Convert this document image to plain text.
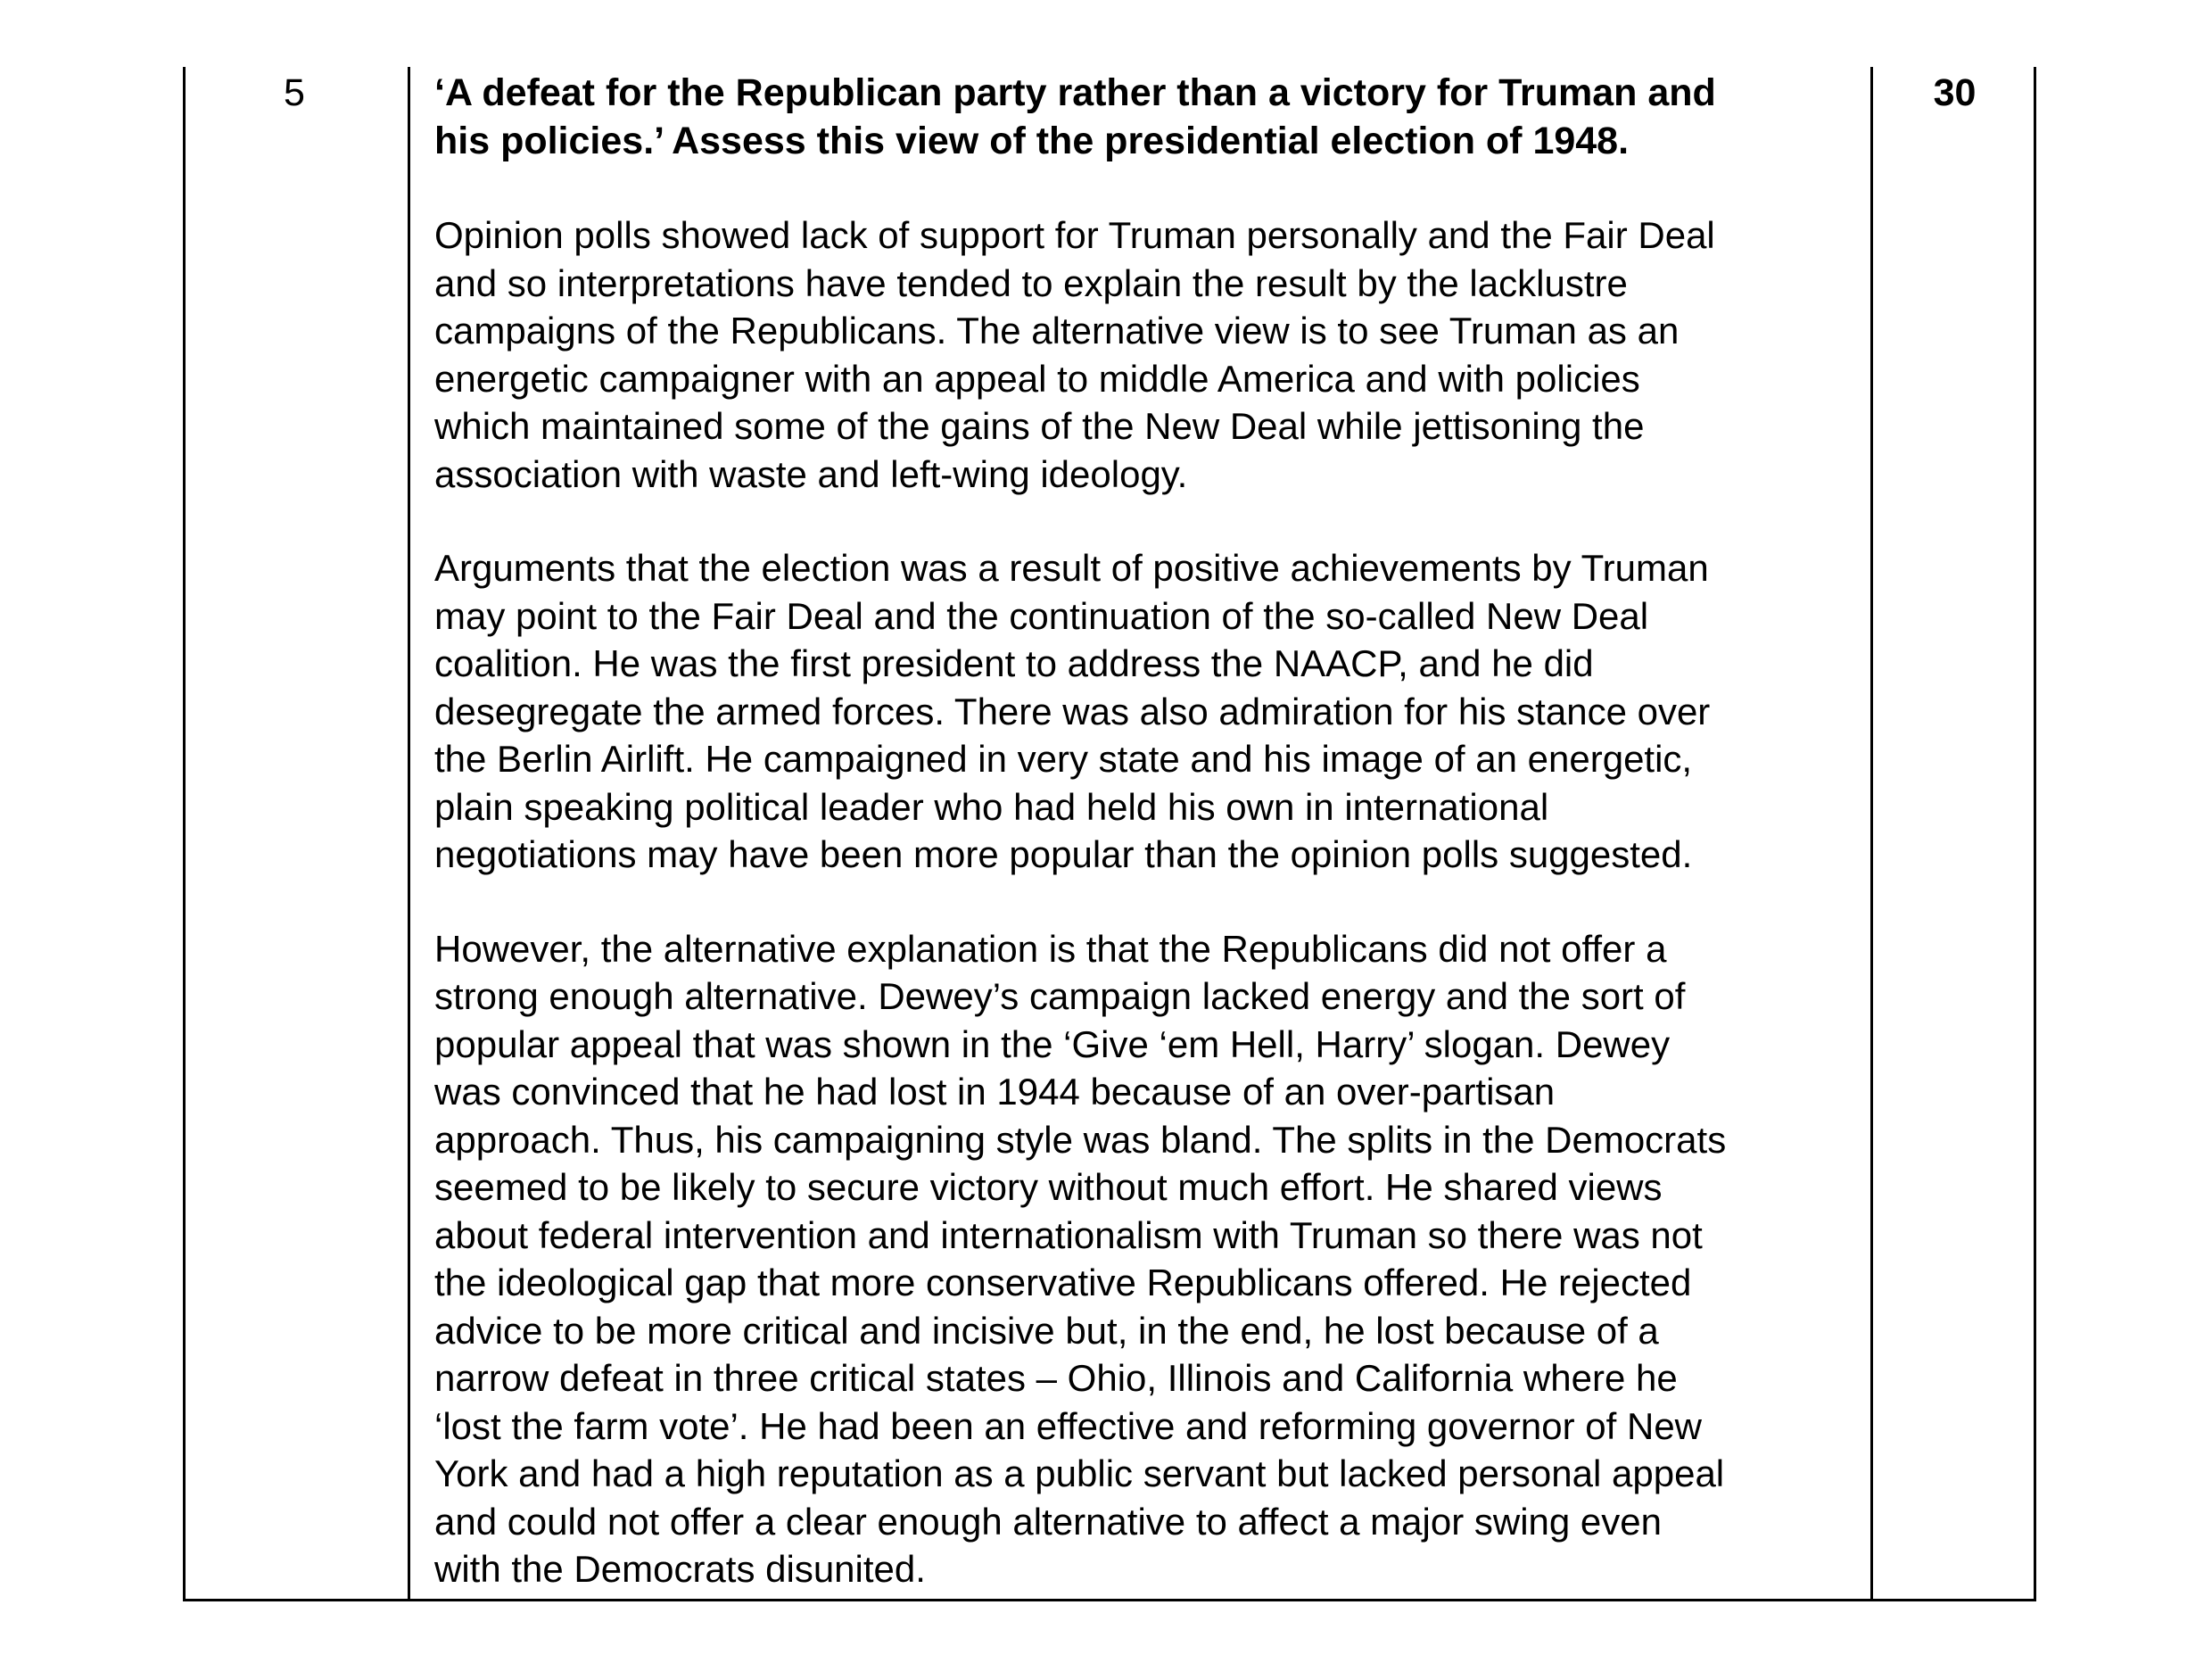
5	‘A defeat for the Republican party rather than a victory for Truman and
his policies.’ Assess this view of the presidential election of 1948.

Opinion polls showed lack of support for Truman personally and the Fair Deal
and so interpretations have tended to explain the result by the lacklustre
campaigns of the Republicans. The alternative view is to see Truman as an
energetic campaigner with an appeal to middle America and with policies
which maintained some of the gains of the New Deal while jettisoning the
association with waste and left-wing ideology.

Arguments that the election was a result of positive achievements by Truman
may point to the Fair Deal and the continuation of the so-called New Deal
coalition. He was the first president to address the NAACP, and he did
desegregate the armed forces. There was also admiration for his stance over
the Berlin Airlift. He campaigned in very state and his image of an energetic,
plain speaking political leader who had held his own in international
negotiations may have been more popular than the opinion polls suggested.

However, the alternative explanation is that the Republicans did not offer a
strong enough alternative. Dewey’s campaign lacked energy and the sort of
popular appeal that was shown in the ‘Give ‘em Hell, Harry’ slogan. Dewey
was convinced that he had lost in 1944 because of an over-partisan
approach. Thus, his campaigning style was bland. The splits in the Democrats
seemed to be likely to secure victory without much effort. He shared views
about federal intervention and internationalism with Truman so there was not
the ideological gap that more conservative Republicans offered. He rejected
advice to be more critical and incisive but, in the end, he lost because of a
narrow defeat in three critical states – Ohio, Illinois and California where he
‘lost the farm vote’. He had been an effective and reforming governor of New
York and had a high reputation as a public servant but lacked personal appeal
and could not offer a clear enough alternative to affect a major swing even
with the Democrats disunited.

30
